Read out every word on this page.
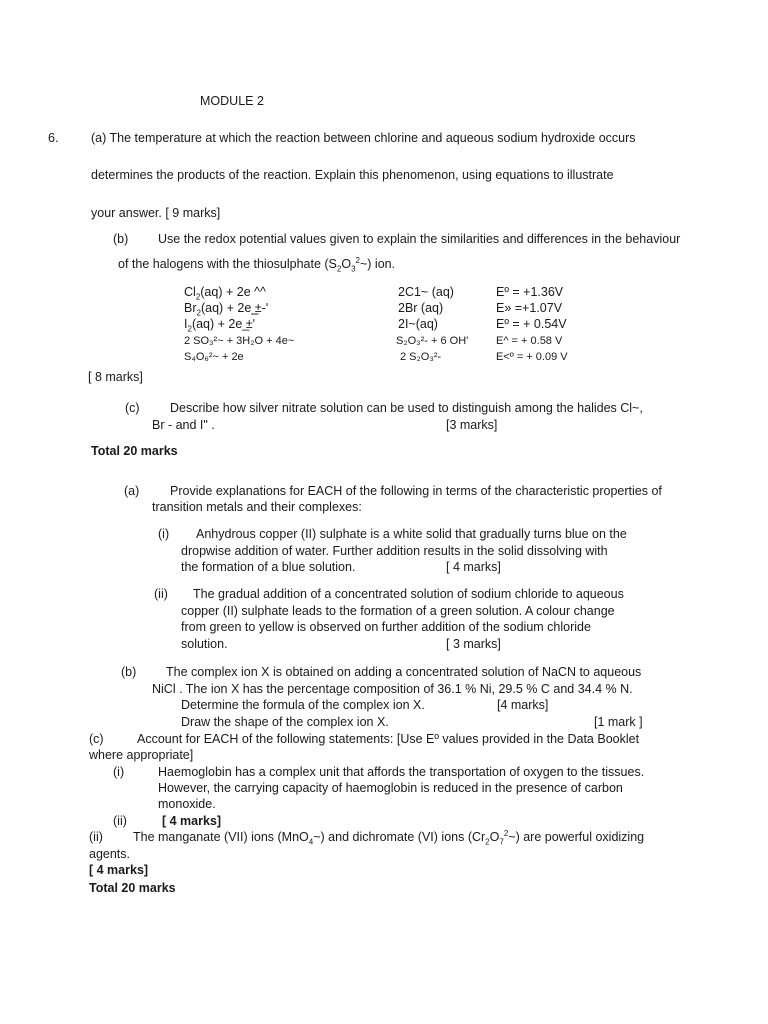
MODULE 2
6.	(a) The temperature at which the reaction between chlorine and aqueous sodium hydroxide occurs
determines the products of the reaction. Explain this phenomenon, using equations to illustrate
your answer. [ 9 marks]
(b) Use the redox potential values given to explain the similarities and differences in the behaviour
of the halogens with the thiosulphate $(S_2O_3^2\sim)$ ion.
$Cl_2(aq) + 2e$ ^^	2C1~ (aq)	Eº = +1.36V
$Br_2(aq) + 2e$ ̲̲±‑ʹ	2Br (aq)	E» =+1.07V
$I_2(aq) + 2e$ ̲±ʹ	2I~(aq)	Eº = + 0.54V
2 SO₃²~ + 3H₂O + 4e~	S₂O₃²- + 6 OH'	E^ = + 0.58 V
S₄O₆²~ + 2e	2 S₂O₃²-	E<º = + 0.09 V
[ 8 marks]
(c) Describe how silver nitrate solution can be used to distinguish among the halides Cl~,
Br - and I" .	[3 marks]
Total 20 marks
(a) Provide explanations for EACH of the following in terms of the characteristic properties of
transition metals and their complexes:
(i) Anhydrous copper (II) sulphate is a white solid that gradually turns blue on the
dropwise addition of water. Further addition results in the solid dissolving with
the formation of a blue solution.	[ 4 marks]
(ii) The gradual addition of a concentrated solution of sodium chloride to aqueous
copper (II) sulphate leads to the formation of a green solution. A colour change
from green to yellow is observed on further addition of the sodium chloride
solution.	[ 3 marks]
(b) The complex ion X is obtained on adding a concentrated solution of NaCN to aqueous
NiCl . The ion X has the percentage composition of 36.1 % Ni, 29.5 % C and 34.4 % N.
Determine the formula of the complex ion X.	[4 marks]
Draw the shape of the complex ion X.	[1 mark ]
(c)	Account for EACH of the following statements: [Use Eº values provided in the Data Booklet
where appropriate]
(i)	Haemoglobin has a complex unit that affords the transportation of oxygen to the tissues.
However, the carrying capacity of haemoglobin is reduced in the presence of carbon
monoxide.
(ii)	[ 4 marks]
(ii) The manganate (VII) ions (MnO$_4$~) and dichromate (VI) ions $(Cr_2O_7^2\sim)$ are powerful oxidizing
agents.
[ 4 marks]
Total 20 marks
